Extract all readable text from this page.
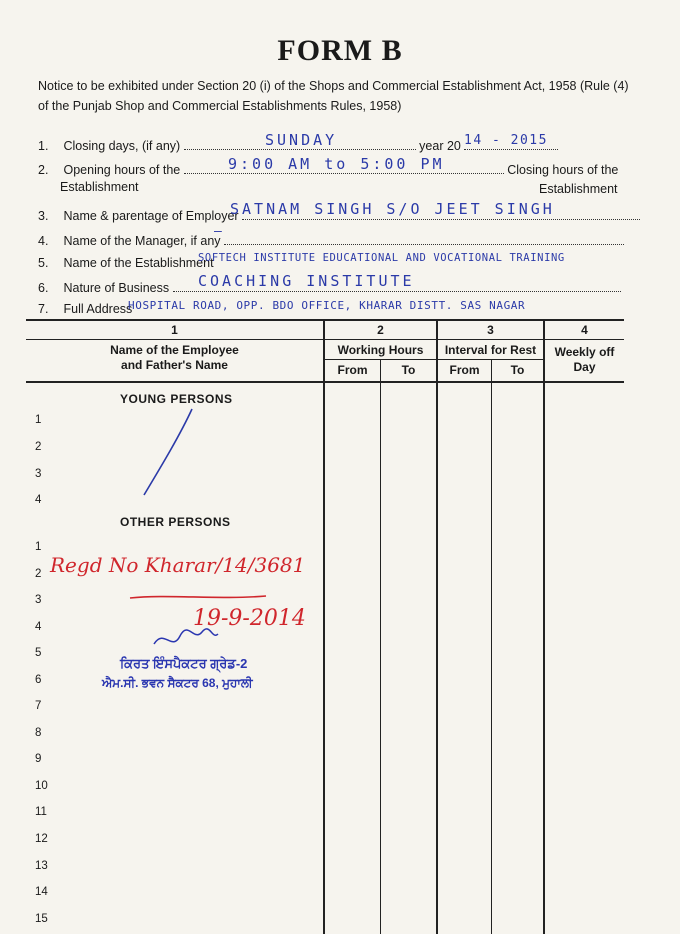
FORM B
Notice to be exhibited under Section 20 (i) of the Shops and Commercial Establishment Act, 1958 (Rule (4) of the Punjab Shop and Commercial Establishments Rules, 1958)
1. Closing days, (if any)	year 20
SUNDAY	14 - 2015
2. Opening hours of the	Closing hours of the
Establishment	Establishment
9:00 AM to 5:00 PM
3. Name & parentage of Employer
SATNAM SINGH S/O JEET SINGH
4. Name of the Manager, if any
—
5. Name of the Establishment
SOFTECH INSTITUTE EDUCATIONAL AND VOCATIONAL TRAINING
6. Nature of Business	COACHING INSTITUTE
7. Full Address
HOSPITAL ROAD, OPP. BDO OFFICE, KHARAR DISTT. SAS NAGAR
1	2	3	4
Name of the Employee
and Father's Name
Working Hours	Interval for Rest	Weekly off
Day
From	To	From	To
YOUNG PERSONS
1
2
3
4
OTHER PERSONS
1
2
3
4
5
6
7
8
9
10
11
12
13
14
15
Regd No Kharar/14/3681
19-9-2014
ਕਿਰਤ ਇੰਸਪੈਕਟਰ ਗ੍ਰੇਡ-2
ਐਮ.ਸੀ. ਭਵਨ ਸੈਕਟਰ 68, ਮੁਹਾਲੀ
